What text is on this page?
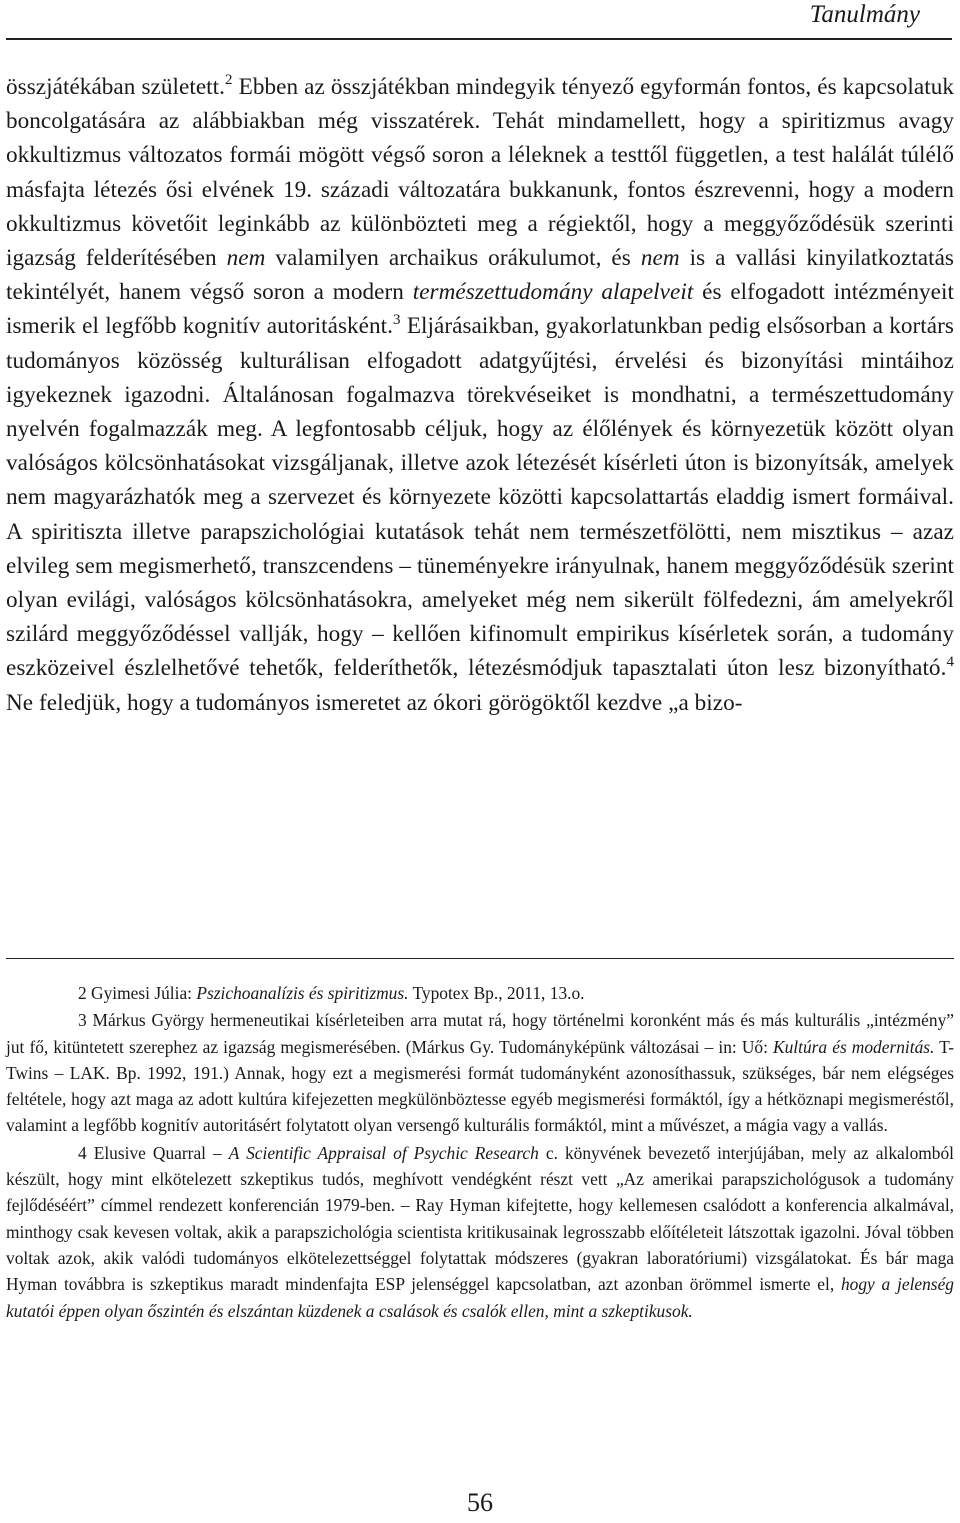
Tanulmány

összjátékában született.$^2$ Ebben az összjátékban mindegyik tényező egyformán fontos, és kapcsolatuk boncolgatására az alábbiakban még visszatérek. Tehát mindamellett, hogy a spiritizmus avagy okkultizmus változatos formái mögött végső soron a léleknek a testtől független, a test halálát túlélő másfajta létezés ősi elvének 19. századi változatára bukkanunk, fontos észrevenni, hogy a modern okkultizmus követőit leginkább az különbözteti meg a régiektől, hogy a meggyőződésük szerinti igazság felderítésében nem valamilyen archaikus orákulumot, és nem is a vallási kinyilatkoztatás tekintélyét, hanem végső soron a modern természettudomány alapelveit és elfogadott intézményeit ismerik el legfőbb kognitív autoritásként.$^3$ Eljárásaikban, gyakorlatunkban pedig elsősorban a kortárs tudományos közösség kulturálisan elfogadott adatgyűjtési, érvelési és bizonyítási mintáihoz igyekeznek igazodni. Általánosan fogalmazva törekvéseiket is mondhatni, a természettudomány nyelvén fogalmazzák meg. A legfontosabb céljuk, hogy az élőlények és környezetük között olyan valóságos kölcsönhatásokat vizsgáljanak, illetve azok létezését kísérleti úton is bizonyítsák, amelyek nem magyarázhatók meg a szervezet és környezete közötti kapcsolattartás eladdig ismert formáival. A spiritiszta illetve parapszichológiai kutatások tehát nem természetfölötti, nem misztikus – azaz elvileg sem megismerhető, transzcendens – tüneményekre irányulnak, hanem meggyőződésük szerint olyan evilági, valóságos kölcsönhatásokra, amelyeket még nem sikerült fölfedezni, ám amelyekről szilárd meggyőződéssel vallják, hogy – kellően kifinomult empirikus kísérletek során, a tudomány eszközeivel észlelhetővé tehetők, felderíthetők, létezésmódjuk tapasztalati úton lesz bizonyítható.$^4$ Ne feledjük, hogy a tudományos ismeretet az ókori görögöktől kezdve „a bizo-

2 Gyimesi Júlia: Pszichoanalízis és spiritizmus. Typotex Bp., 2011, 13.o.

3 Márkus György hermeneutikai kísérleteiben arra mutat rá, hogy történelmi koronként más és más kulturális „intézmény” jut fő, kitüntetett szerephez az igazság megismerésében. (Márkus Gy. Tudományképünk változásai – in: Uő: Kultúra és modernitás. T-Twins – LAK. Bp. 1992, 191.) Annak, hogy ezt a megismerési formát tudományként azonosíthassuk, szükséges, bár nem elégséges feltétele, hogy azt maga az adott kultúra kifejezetten megkülönböztesse egyéb megismerési formáktól, így a hétköznapi megismeréstől, valamint a legfőbb kognitív autoritásért folytatott olyan versengő kulturális formáktól, mint a művészet, a mágia vagy a vallás.

4 Elusive Quarral – A Scientific Appraisal of Psychic Research c. könyvének bevezető interjújában, mely az alkalomból készült, hogy mint elkötelezett szkeptikus tudós, meghívott vendégként részt vett „Az amerikai parapszichológusok a tudomány fejlődéséért” címmel rendezett konferencián 1979-ben. – Ray Hyman kifejtette, hogy kellemesen csalódott a konferencia alkalmával, minthogy csak kevesen voltak, akik a parapszichológia scientista kritikusainak legrosszabb előítéleteit látszottak igazolni. Jóval többen voltak azok, akik valódi tudományos elkötelezettséggel folytattak módszeres (gyakran laboratóriumi) vizsgálatokat. És bár maga Hyman továbbra is szkeptikus maradt mindenfajta ESP jelenséggel kapcsolatban, azt azonban örömmel ismerte el, hogy a jelenség kutatói éppen olyan őszintén és elszántan küzdenek a csalások és csalók ellen, mint a szkeptikusok.

56
